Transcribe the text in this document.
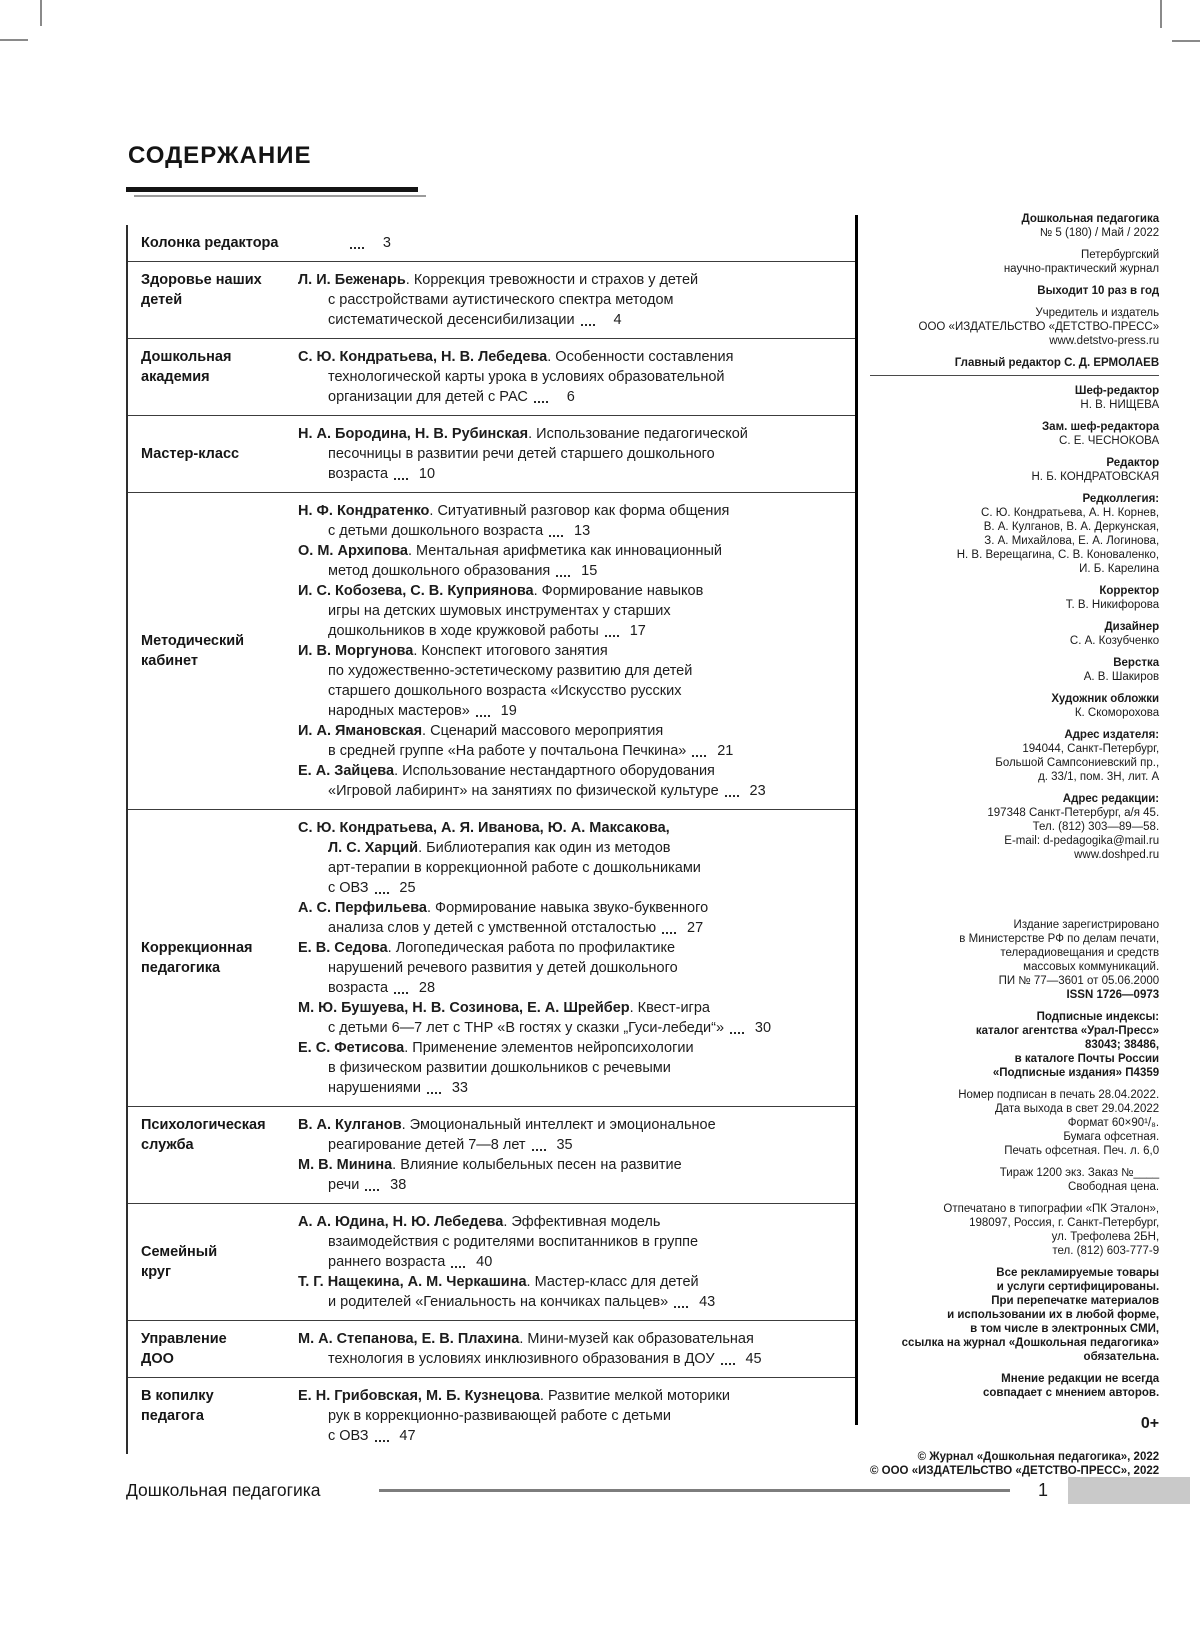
СОДЕРЖАНИЕ
Колонка редактора	3
Здоровье наших
детей
Л. И. Беженарь . Коррекция тревожности и страхов у детей
с расстройствами аутистического спектра методом
систематической десенсибилизации	4
Дошкольная
академия
С. Ю. Кондратьева, Н. В. Лебедева . Особенности составления
технологической карты урока в условиях образовательной
организации для детей с РАС	6
Мастер-класс
Н. А. Бородина, Н. В. Рубинская . Использование педагогической
песочницы в развитии речи детей старшего дошкольного
возраста	10
Методический
кабинет
Н. Ф. Кондратенко . Ситуативный разговор как форма общения
с детьми дошкольного возраста	13
О. М. Архипова . Ментальная арифметика как инновационный
метод дошкольного образования	15
И. С. Кобозева, С. В. Куприянова . Формирование навыков
игры на детских шумовых инструментах у старших
дошкольников в ходе кружковой работы	17
И. В. Моргунова . Конспект итогового занятия
по художественно-эстетическому развитию для детей
старшего дошкольного возраста «Искусство русских
народных мастеров»	19
И. А. Ямановская . Сценарий массового мероприятия
в средней группе «На работе у почтальона Печкина»	21
Е. А. Зайцева . Использование нестандартного оборудования
«Игровой лабиринт» на занятиях по физической культуре	23
Коррекционная
педагогика
С. Ю. Кондратьева, А. Я. Иванова, Ю. А. Максакова,
Л. С. Харций . Библиотерапия как один из методов
арт-терапии в коррекционной работе с дошкольниками
с ОВЗ	25
А. С. Перфильева . Формирование навыка звуко-буквенного
анализа слов у детей с умственной отсталостью	27
Е. В. Седова . Логопедическая работа по профилактике
нарушений речевого развития у детей дошкольного
возраста	28
М. Ю. Бушуева, Н. В. Созинова, Е. А. Шрейбер . Квест-игра
с детьми 6—7 лет с ТНР «В гостях у сказки „Гуси-лебеди“»	30
Е. С. Фетисова . Применение элементов нейропсихологии
в физическом развитии дошкольников с речевыми
нарушениями	33
Психологическая
служба
В. А. Кулганов . Эмоциональный интеллект и эмоциональное
реагирование детей 7—8 лет	35
М. В. Минина . Влияние колыбельных песен на развитие
речи	38
Семейный
круг
А. А. Юдина, Н. Ю. Лебедева . Эффективная модель
взаимодействия с родителями воспитанников в группе
раннего возраста	40
Т. Г. Нащекина, А. М. Черкашина . Мастер-класс для детей
и родителей «Гениальность на кончиках пальцев»	43
Управление
ДОО
М. А. Степанова, Е. В. Плахина . Мини-музей как образовательная
технология в условиях инклюзивного образования в ДОУ	45
В копилку
педагога
Е. Н. Грибовская, М. Б. Кузнецова . Развитие мелкой моторики
рук в коррекционно-развивающей работе с детьми
с ОВЗ	47
Дошкольная педагогика
№ 5 (180) / Май / 2022
Петербургский
научно-практический журнал
Выходит 10 раз в год
Учредитель и издатель
ООО «ИЗДАТЕЛЬСТВО «ДЕТСТВО-ПРЕСС»
www.detstvo-press.ru
Главный редактор С. Д. ЕРМОЛАЕВ
Шеф-редактор
Н. В. НИЩЕВА
Зам. шеф-редактора
С. Е. ЧЕСНОКОВА
Редактор
Н. Б. КОНДРАТОВСКАЯ
Редколлегия:
С. Ю. Кондратьева, А. Н. Корнев,
В. А. Кулганов, В. А. Деркунская,
З. А. Михайлова, Е. А. Логинова,
Н. В. Верещагина, С. В. Коноваленко,
И. Б. Карелина
Корректор
Т. В. Никифорова
Дизайнер
С. А. Козубченко
Верстка
А. В. Шакиров
Художник обложки
К. Скоморохова
Адрес издателя:
194044, Санкт-Петербург,
Большой Сампсониевский пр.,
д. 33/1, пом. 3Н, лит. А
Адрес редакции:
197348 Санкт-Петербург, а/я 45.
Тел. (812) 303—89—58.
E-mail: d-pedagogika@mail.ru
www.doshped.ru
Издание зарегистрировано
в Министерстве РФ по делам печати,
телерадиовещания и средств
массовых коммуникаций.
ПИ № 77—3601 от 05.06.2000
ISSN 1726—0973
Подписные индексы:
каталог агентства «Урал-Пресс»
83043; 38486,
в каталоге Почты России
«Подписные издания» П4359
Номер подписан в печать 28.04.2022.
Дата выхода в свет 29.04.2022
Формат 60×90¹/₈.
Бумага офсетная.
Печать офсетная. Печ. л. 6,0
Тираж 1200 экз. Заказ №____
Свободная цена.
Отпечатано в типографии «ПК Эталон»,
198097, Россия, г. Санкт-Петербург,
ул. Трефолева 2БН,
тел. (812) 603-777-9
Все рекламируемые товары
и услуги сертифицированы.
При перепечатке материалов
и использовании их в любой форме,
в том числе в электронных СМИ,
ссылка на журнал «Дошкольная педагогика»
обязательна.
Мнение редакции не всегда
совпадает с мнением авторов.
0+
© Журнал «Дошкольная педагогика», 2022
© ООО «ИЗДАТЕЛЬСТВО «ДЕТСТВО-ПРЕСС», 2022
Дошкольная педагогика	1
